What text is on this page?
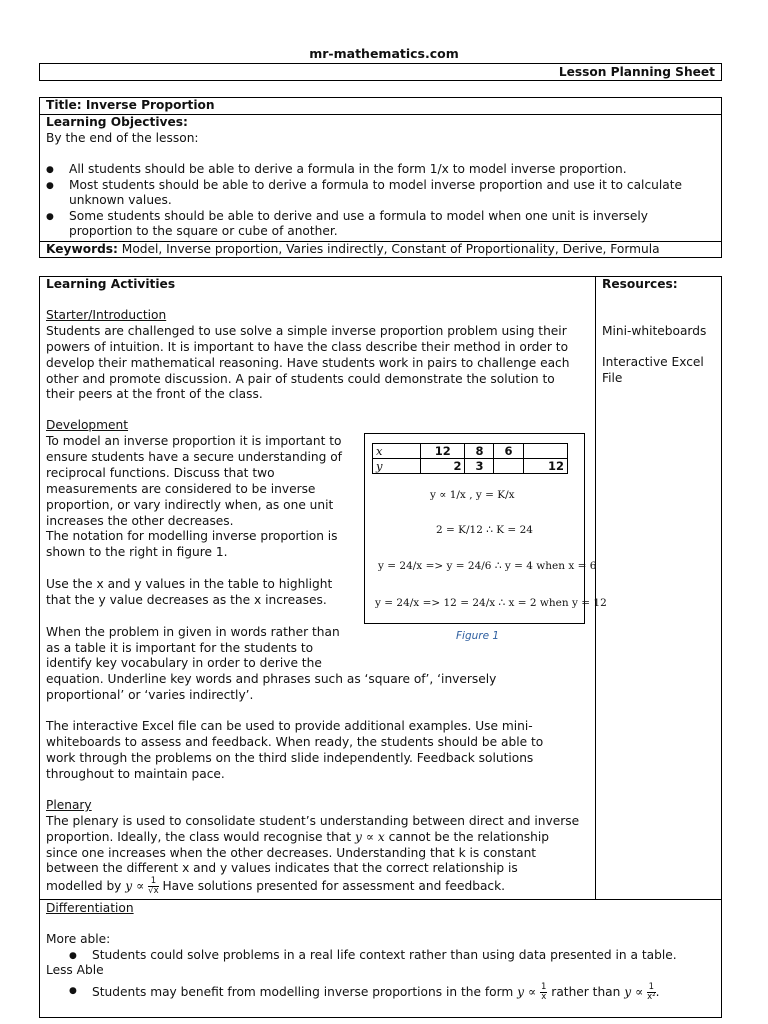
mr-mathematics.com
Lesson Planning Sheet
Title: Inverse Proportion
Learning Objectives:
By the end of the lesson:
● All students should be able to derive a formula in the form 1/x to model inverse proportion.
● Most students should be able to derive a formula to model inverse proportion and use it to calculate
unknown values.
● Some students should be able to derive and use a formula to model when one unit is inversely
proportion to the square or cube of another.
Keywords: Model, Inverse proportion, Varies indirectly, Constant of Proportionality, Derive, Formula
Learning Activities	Resources:
Mini-whiteboards
Interactive Excel
File
Starter/Introduction
Students are challenged to use solve a simple inverse proportion problem using their
powers of intuition. It is important to have the class describe their method in order to
develop their mathematical reasoning. Have students work in pairs to challenge each
other and promote discussion. A pair of students could demonstrate the solution to
their peers at the front of the class.
Development
To model an inverse proportion it is important to
ensure students have a secure understanding of
reciprocal functions. Discuss that two
measurements are considered to be inverse
proportion, or vary indirectly when, as one unit
increases the other decreases.
The notation for modelling inverse proportion is
shown to the right in figure 1.
Use the x and y values in the table to highlight
that the y value decreases as the x increases.
When the problem in given in words rather than
as a table it is important for the students to
identify key vocabulary in order to derive the
equation. Underline key words and phrases such as ‘square of’, ‘inversely
proportional’ or ‘varies indirectly’.
The interactive Excel file can be used to provide additional examples. Use mini-
whiteboards to assess and feedback. When ready, the students should be able to
work through the problems on the third slide independently. Feedback solutions
throughout to maintain pace.
x	12	8	6	
y	2	3		12
y ∝ 1/x , y = K/x
2 = K/12 ∴ K = 24
y = 24/x => y = 24/6 ∴ y = 4 when x = 6
y = 24/x => 12 = 24/x ∴ x = 2 when y = 12
Figure 1
Plenary
The plenary is used to consolidate student’s understanding between direct and inverse
proportion. Ideally, the class would recognise that y ∝ x cannot be the relationship
since one increases when the other decreases. Understanding that k is constant
between the different x and y values indicates that the correct relationship is
modelled by $y \propto \frac{1}{√x}$ Have solutions presented for assessment and feedback.
Differentiation
More able:
● Students could solve problems in a real life context rather than using data presented in a table.
Less Able
● Students may benefit from modelling inverse proportions in the form $y \propto \frac{1}{x}$ rather than $y \propto \frac{1}{\text{x²}}$ .
